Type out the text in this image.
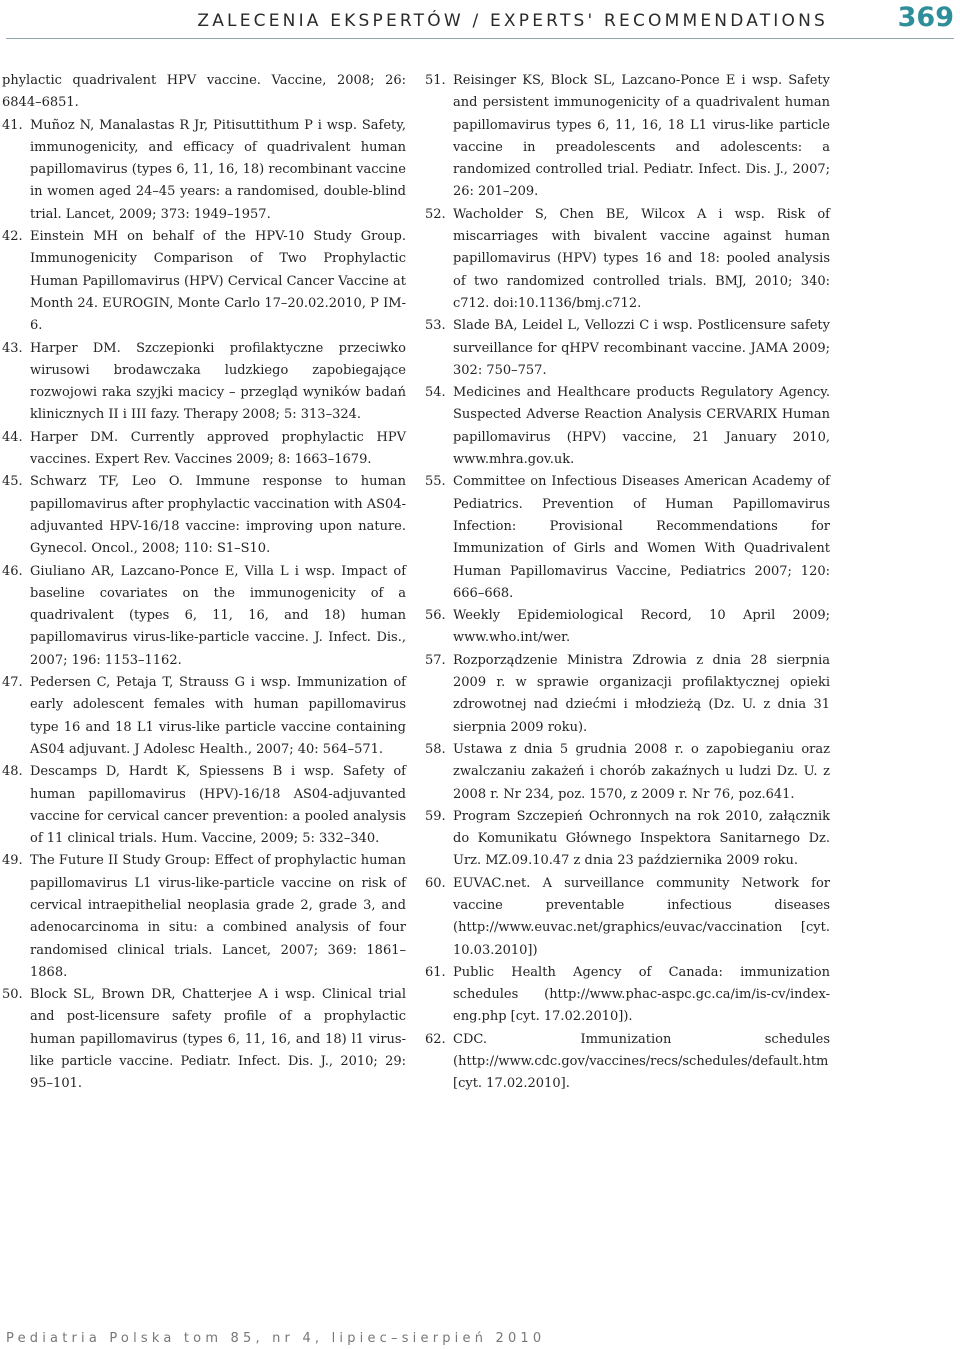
ZALECENIA EKSPERTÓW / EXPERTS' RECOMMENDATIONS	369
phylactic quadrivalent HPV vaccine. Vaccine, 2008; 26: 6844–6851.
41. Muñoz N, Manalastas R Jr, Pitisuttithum P i wsp. Safety, immunogenicity, and efficacy of quadrivalent human papillomavirus (types 6, 11, 16, 18) recombinant vaccine in women aged 24–45 years: a randomised, double-blind trial. Lancet, 2009; 373: 1949–1957.
42. Einstein MH on behalf of the HPV-10 Study Group. Immunogenicity Comparison of Two Prophylactic Human Papillomavirus (HPV) Cervical Cancer Vaccine at Month 24. EUROGIN, Monte Carlo 17–20.02.2010, P IM-6.
43. Harper DM. Szczepionki profilaktyczne przeciwko wirusowi brodawczaka ludzkiego zapobiegające rozwojowi raka szyjki macicy – przegląd wyników badań klinicznych II i III fazy. Therapy 2008; 5: 313–324.
44. Harper DM. Currently approved prophylactic HPV vaccines. Expert Rev. Vaccines 2009; 8: 1663–1679.
45. Schwarz TF, Leo O. Immune response to human papillomavirus after prophylactic vaccination with AS04-adjuvanted HPV-16/18 vaccine: improving upon nature. Gynecol. Oncol., 2008; 110: S1–S10.
46. Giuliano AR, Lazcano-Ponce E, Villa L i wsp. Impact of baseline covariates on the immunogenicity of a quadrivalent (types 6, 11, 16, and 18) human papillomavirus virus-like-particle vaccine. J. Infect. Dis., 2007; 196: 1153–1162.
47. Pedersen C, Petaja T, Strauss G i wsp. Immunization of early adolescent females with human papillomavirus type 16 and 18 L1 virus-like particle vaccine containing AS04 adjuvant. J Adolesc Health., 2007; 40: 564–571.
48. Descamps D, Hardt K, Spiessens B i wsp. Safety of human papillomavirus (HPV)-16/18 AS04-adjuvanted vaccine for cervical cancer prevention: a pooled analysis of 11 clinical trials. Hum. Vaccine, 2009; 5: 332–340.
49. The Future II Study Group: Effect of prophylactic human papillomavirus L1 virus-like-particle vaccine on risk of cervical intraepithelial neoplasia grade 2, grade 3, and adenocarcinoma in situ: a combined analysis of four randomised clinical trials. Lancet, 2007; 369: 1861–1868.
50. Block SL, Brown DR, Chatterjee A i wsp. Clinical trial and post-licensure safety profile of a prophylactic human papillomavirus (types 6, 11, 16, and 18) l1 virus-like particle vaccine. Pediatr. Infect. Dis. J., 2010; 29: 95–101.
51. Reisinger KS, Block SL, Lazcano-Ponce E i wsp. Safety and persistent immunogenicity of a quadrivalent human papillomavirus types 6, 11, 16, 18 L1 virus-like particle vaccine in preadolescents and adolescents: a randomized controlled trial. Pediatr. Infect. Dis. J., 2007; 26: 201–209.
52. Wacholder S, Chen BE, Wilcox A i wsp. Risk of miscarriages with bivalent vaccine against human papillomavirus (HPV) types 16 and 18: pooled analysis of two randomized controlled trials. BMJ, 2010; 340: c712. doi:10.1136/bmj.c712.
53. Slade BA, Leidel L, Vellozzi C i wsp. Postlicensure safety surveillance for qHPV recombinant vaccine. JAMA 2009; 302: 750–757.
54. Medicines and Healthcare products Regulatory Agency. Suspected Adverse Reaction Analysis CERVARIX Human papillomavirus (HPV) vaccine, 21 January 2010, www.mhra.gov.uk.
55. Committee on Infectious Diseases American Academy of Pediatrics. Prevention of Human Papillomavirus Infection: Provisional Recommendations for Immunization of Girls and Women With Quadrivalent Human Papillomavirus Vaccine, Pediatrics 2007; 120: 666–668.
56. Weekly Epidemiological Record, 10 April 2009; www.who.int/wer.
57. Rozporządzenie Ministra Zdrowia z dnia 28 sierpnia 2009 r. w sprawie organizacji profilaktycznej opieki zdrowotnej nad dziećmi i młodzieżą (Dz. U. z dnia 31 sierpnia 2009 roku).
58. Ustawa z dnia 5 grudnia 2008 r. o zapobieganiu oraz zwalczaniu zakażeń i chorób zakaźnych u ludzi Dz. U. z 2008 r. Nr 234, poz. 1570, z 2009 r. Nr 76, poz.641.
59. Program Szczepień Ochronnych na rok 2010, załącznik do Komunikatu Głównego Inspektora Sanitarnego Dz. Urz. MZ.09.10.47 z dnia 23 października 2009 roku.
60. EUVAC.net. A surveillance community Network for vaccine preventable infectious diseases (http://www.euvac.net/graphics/euvac/vaccination [cyt. 10.03.2010])
61. Public Health Agency of Canada: immunization schedules (http://www.phac-aspc.gc.ca/im/is-cv/index-eng.php [cyt. 17.02.2010]).
62. CDC. Immunization schedules (http://www.cdc.gov/vaccines/recs/schedules/default.htm [cyt. 17.02.2010].
Pediatria Polska tom 85, nr 4, lipiec–sierpień 2010
